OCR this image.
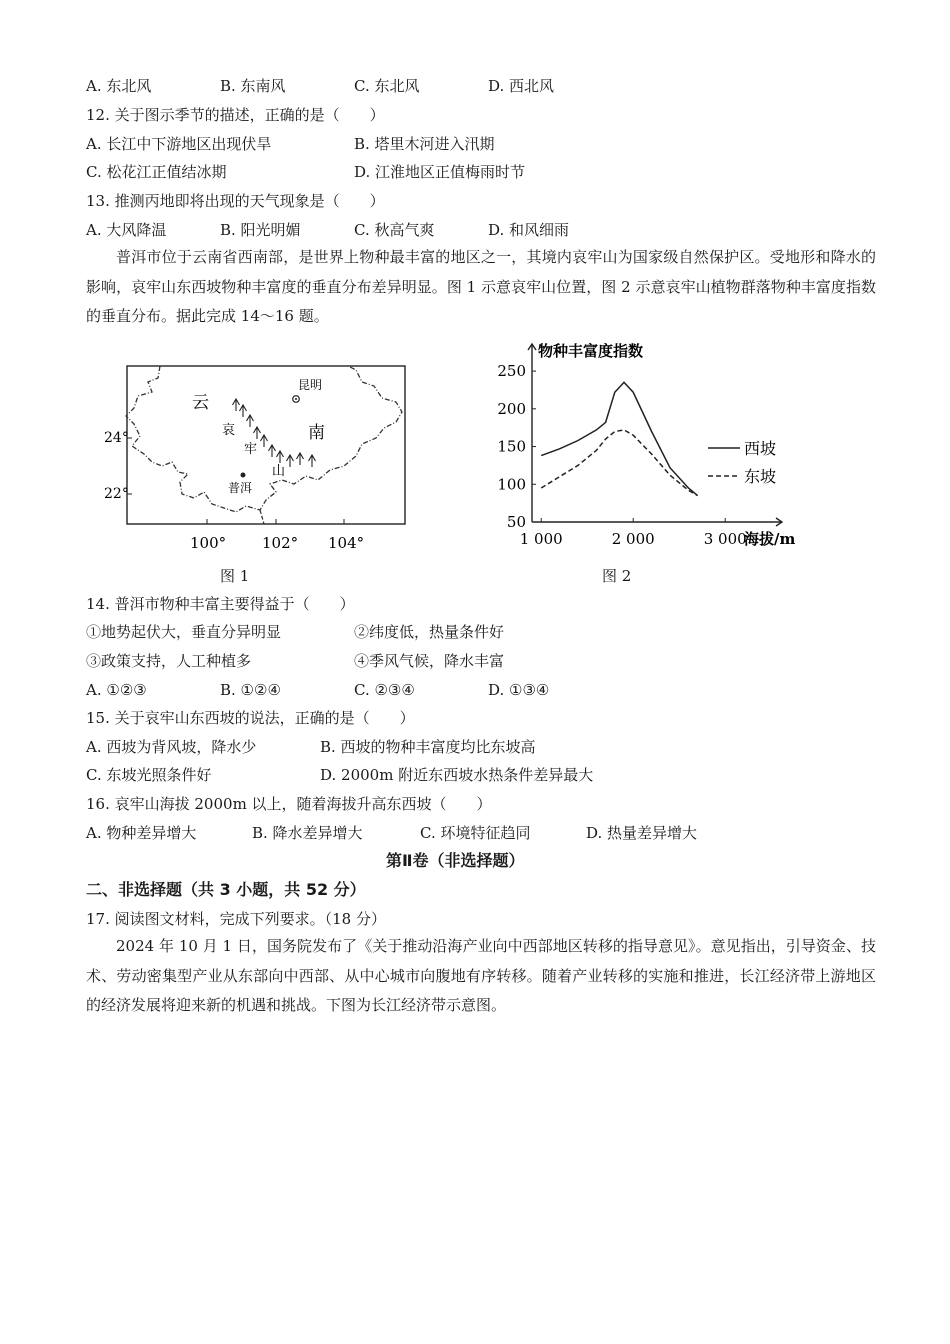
A. 东北风	B. 东南风	C. 东北风	D. 西北风
12. 关于图示季节的描述，正确的是（　　）
A. 长江中下游地区出现伏旱	B. 塔里木河进入汛期
C. 松花江正值结冰期	D. 江淮地区正值梅雨时节
13. 推测丙地即将出现的天气现象是（　　）
A. 大风降温	B. 阳光明媚	C. 秋高气爽	D. 和风细雨
普洱市位于云南省西南部，是世界上物种最丰富的地区之一，其境内哀牢山为国家级自然保护区。受地形和降水的影响，哀牢山东西坡物种丰富度的垂直分布差异明显。图 1 示意哀牢山位置，图 2 示意哀牢山植物群落物种丰富度指数的垂直分布。据此完成 14～16 题。
云
南
昆明
普洱
哀
牢
山
24°
22°
100° 102° 104°
图 1
物种丰富度指数
海拔/m
50
100
150
200
250
1 000	2 000	3 000
西坡
东坡
图 2
14. 普洱市物种丰富主要得益于（　　）
①地势起伏大，垂直分异明显	②纬度低，热量条件好
③政策支持，人工种植多	④季风气候，降水丰富
A. ①②③	B. ①②④	C. ②③④	D. ①③④
15. 关于哀牢山东西坡的说法，正确的是（　　）
A. 西坡为背风坡，降水少	B. 西坡的物种丰富度均比东坡高
C. 东坡光照条件好	D. 2000m 附近东西坡水热条件差异最大
16. 哀牢山海拔 2000m 以上，随着海拔升高东西坡（　　）
A. 物种差异增大	B. 降水差异增大	C. 环境特征趋同	D. 热量差异增大
第Ⅱ卷（非选择题）
二、非选择题（共 3 小题，共 52 分）
17. 阅读图文材料，完成下列要求。（18 分）
2024 年 10 月 1 日，国务院发布了《关于推动沿海产业向中西部地区转移的指导意见》。意见指出，引导资金、技术、劳动密集型产业从东部向中西部、从中心城市向腹地有序转移。随着产业转移的实施和推进，长江经济带上游地区的经济发展将迎来新的机遇和挑战。下图为长江经济带示意图。
